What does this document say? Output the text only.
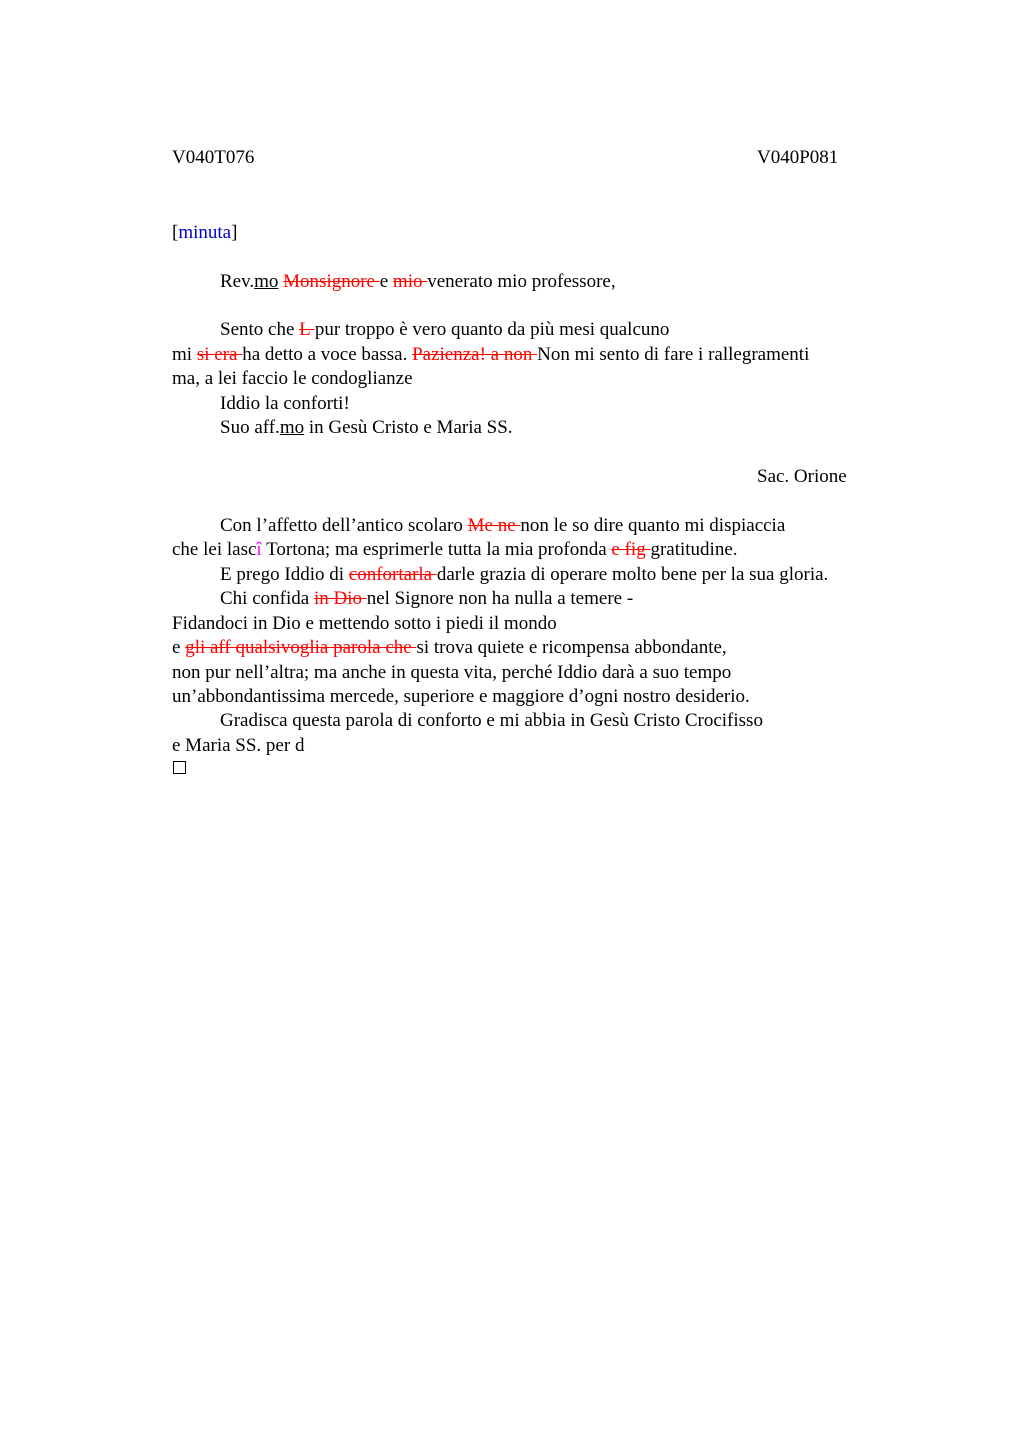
V040T076	V040P081
[minuta]
Rev.mo Monsignore e mio venerato mio professore,
Sento che L pur troppo è vero quanto da più mesi qualcuno
mi si era ha detto a voce bassa. Pazienza! a non Non mi sento di fare i rallegramenti
ma, a lei faccio le condoglianze
Iddio la conforti!
Suo aff.mo in Gesù Cristo e Maria SS.
Sac. Orione
Con l’affetto dell’antico scolaro Me ne non le so dire quanto mi dispiaccia
che lei lascî Tortona; ma esprimerle tutta la mia profonda e fig gratitudine.
E prego Iddio di confortarla darle grazia di operare molto bene per la sua gloria.
Chi confida in Dio nel Signore non ha nulla a temere -
Fidandoci in Dio e mettendo sotto i piedi il mondo
e gli aff qualsivoglia parola che si trova quiete e ricompensa abbondante,
non pur nell’altra; ma anche in questa vita, perché Iddio darà a suo tempo
un’abbondantissima mercede, superiore e maggiore d’ogni nostro desiderio.
Gradisca questa parola di conforto e mi abbia in Gesù Cristo Crocifisso
e Maria SS. per d
